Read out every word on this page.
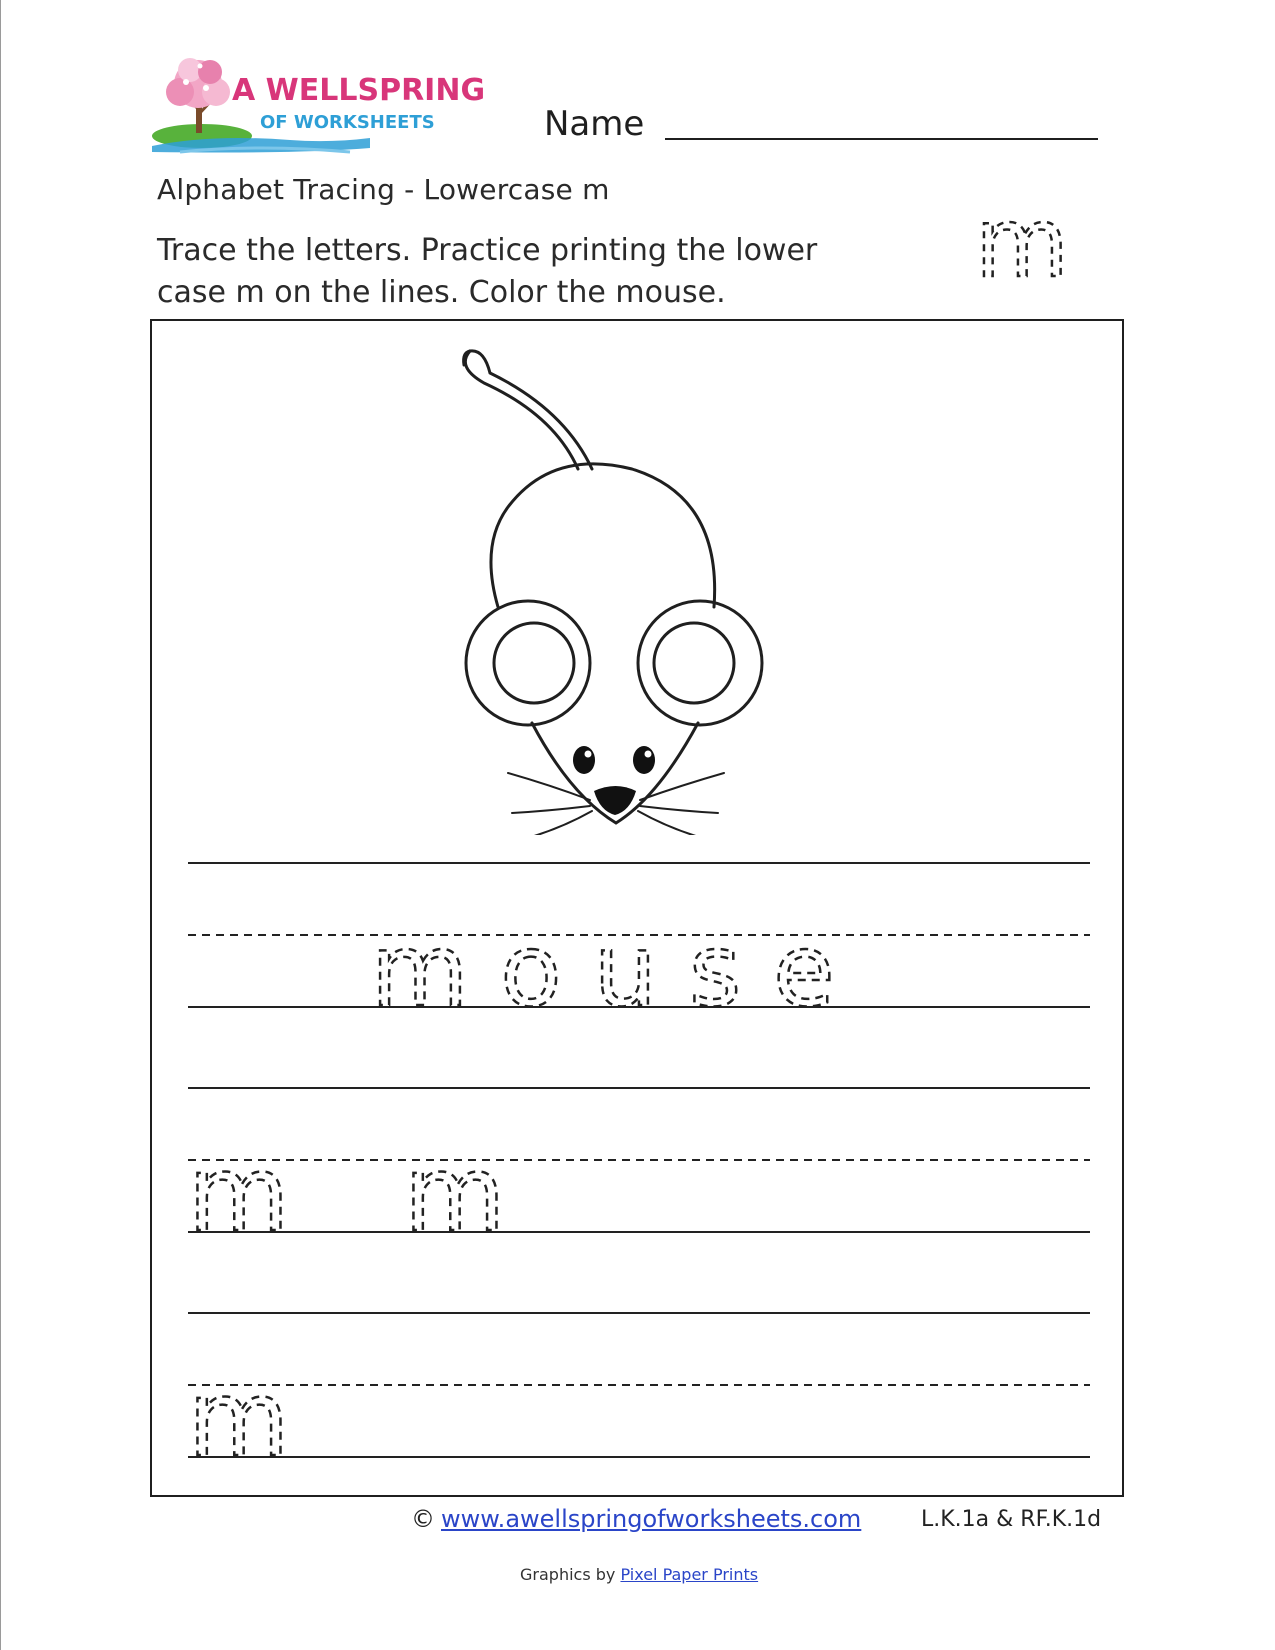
A WELLSPRING
OF WORKSHEETS	Name
Alphabet Tracing - Lowercase m
Trace the letters. Practice printing the lower
case m on the lines. Color the mouse.	m
mouse
m m
m
© www.awellspringofworksheets.com	L.K.1a & RF.K.1d
Graphics by Pixel Paper Prints
